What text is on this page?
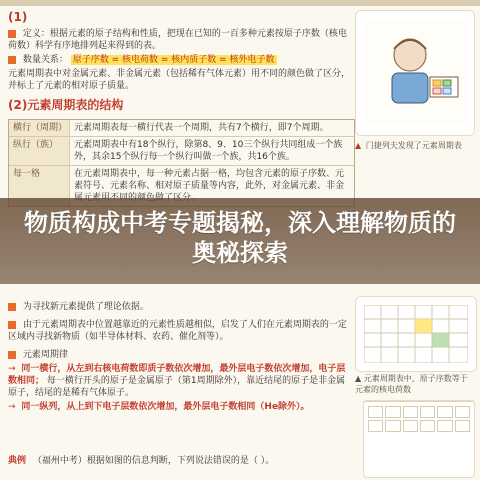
(1)
定义：根据元素的原子结构和性质，把现在已知的一百多种元素按原子序数（核电荷数）科学有序地排列起来得到的表。
数量关系： 原子序数 = 核电荷数 = 核内质子数 = 核外电子数
元素周期表中对金属元素、非金属元素（包括稀有气体元素）用不同的颜色做了区分，并标上了元素的相对原子质量。
(2)元素周期表的结构
横行（周期） 元素周期表每一横行代表一个周期，共有7个横行，即7个周期。
纵行（族）	元素周期表中有18个纵行，除第8、9、10三个纵行共同组成一个族外，其余15个纵行每一个纵行叫做一个族，共16个族。
每一格	在元素周期表中，每一种元素占据一格，均包含元素的原子序数、元素符号、元素名称、相对原子质量等内容，此外，对金属元素、非金
为寻找新元素提供了理论依据。
由于元素周期表中位置越靠近的元素性质越相似，启发了人们在元素周期表的一定区域内寻找新物质（如半导体材料、农药、催化剂等）。
元素周期律
→ 同一横行，从左到右核电荷数即质子数依次增加，最外层电子数依次增加，电子层数相同； 每一横行开头的原子是金属原子（第1周期除外），靠近结尾的原子是非金属原子，结尾的是稀有气体原子。
→ 同一纵列，从上到下电子层数依次增加，最外层电子数相同（He除外）。
▲ 门捷列夫发现了元素周期表
▲ 元素周期表中，原子序数等于元素的核电荷数
典例 （福州中考）根据如图的信息判断，下列说法错误的是（ ）。
物质构成中考专题揭秘，深入理解物质的奥秘探索
